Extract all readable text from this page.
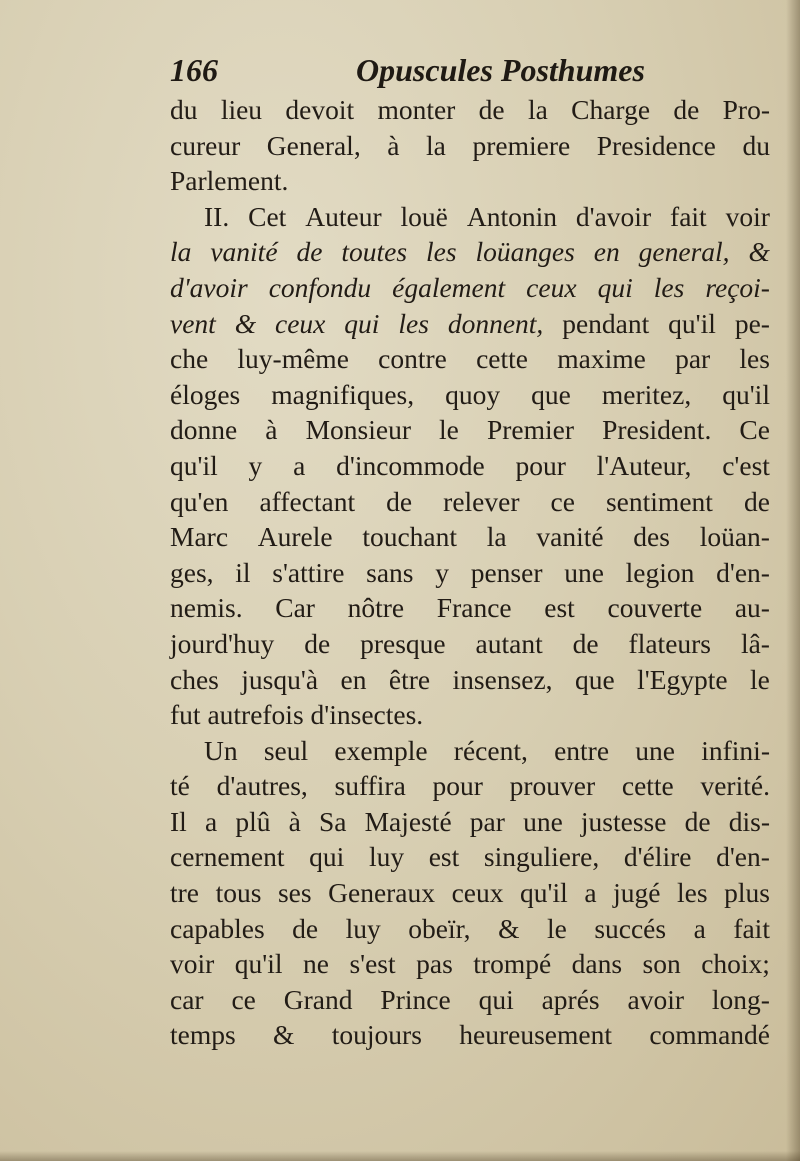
166	Opuscules Posthumes
du lieu devoit monter de la Charge de Pro-
cureur General, à la premiere Presidence du
Parlement.
II. Cet Auteur louë Antonin d'avoir fait voir
la vanité de toutes les loüanges en general, &
d'avoir confondu également ceux qui les reçoi-
vent & ceux qui les donnent, pendant qu'il pe-
che luy-même contre cette maxime par les
éloges magnifiques, quoy que meritez, qu'il
donne à Monsieur le Premier President. Ce
qu'il y a d'incommode pour l'Auteur, c'est
qu'en affectant de relever ce sentiment de
Marc Aurele touchant la vanité des loüan-
ges, il s'attire sans y penser une legion d'en-
nemis. Car nôtre France est couverte au-
jourd'huy de presque autant de flateurs lâ-
ches jusqu'à en être insensez, que l'Egypte le
fut autrefois d'insectes.
Un seul exemple récent, entre une infini-
té d'autres, suffira pour prouver cette verité.
Il a plû à Sa Majesté par une justesse de dis-
cernement qui luy est singuliere, d'élire d'en-
tre tous ses Generaux ceux qu'il a jugé les plus
capables de luy obeïr, & le succés a fait
voir qu'il ne s'est pas trompé dans son choix;
car ce Grand Prince qui aprés avoir long-
temps & toujours heureusement commandé
